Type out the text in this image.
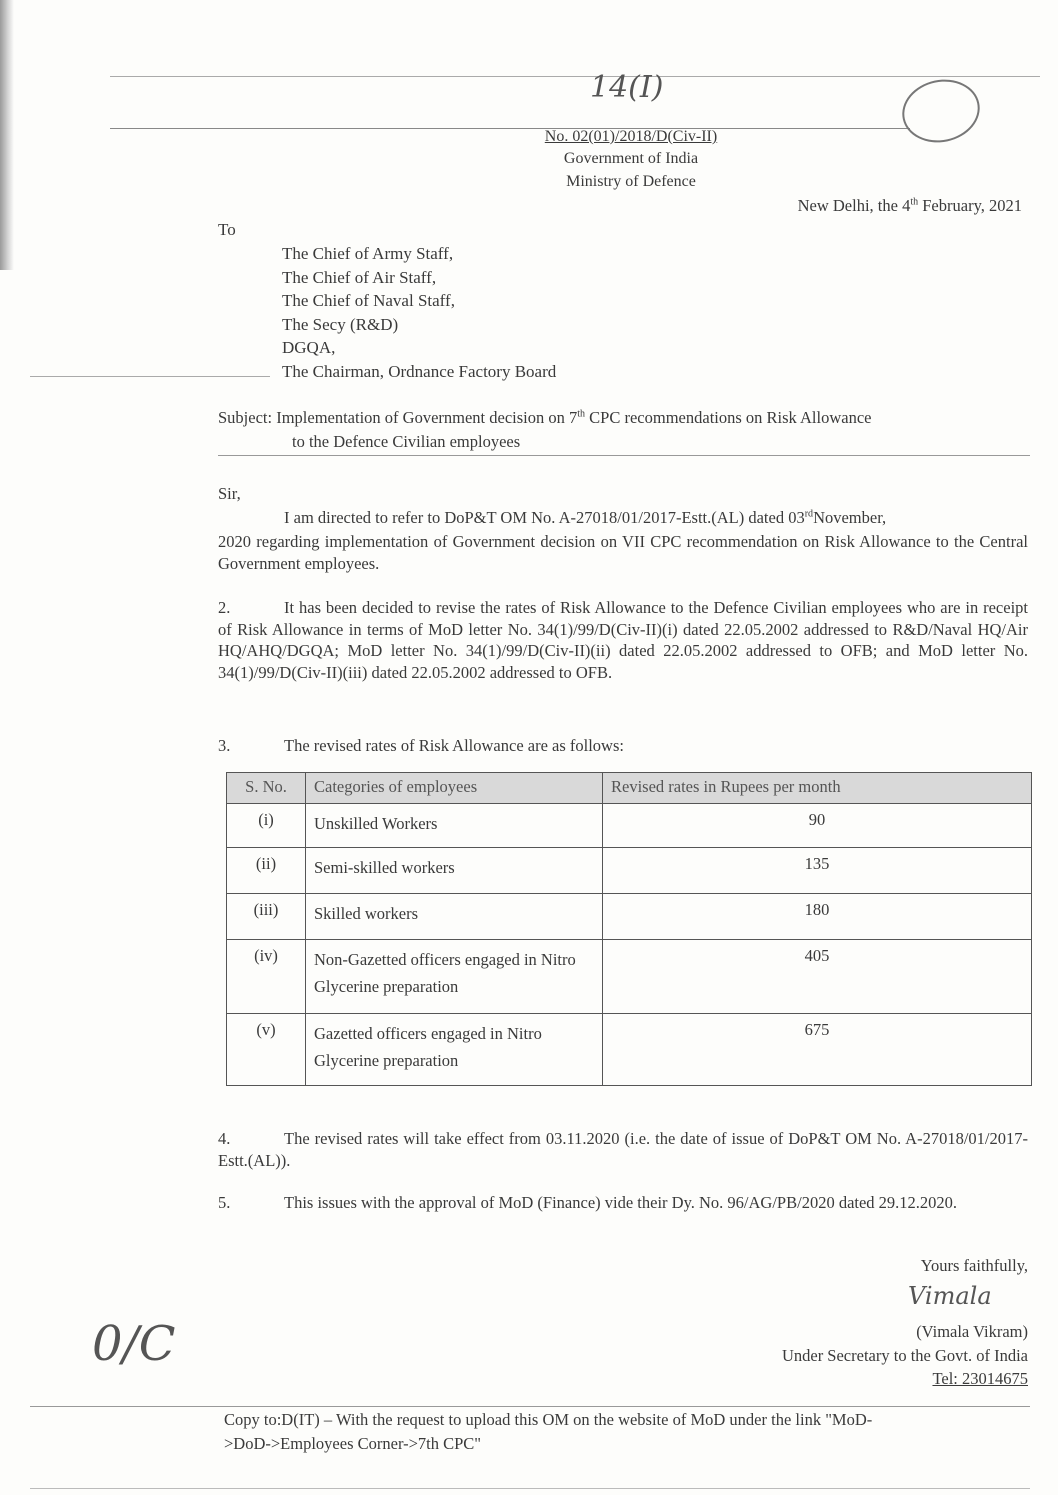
14(I)
No. 02(01)/2018/D(Civ-II)
Government of India
Ministry of Defence
New Delhi, the 4th February, 2021
To
The Chief of Army Staff,
The Chief of Air Staff,
The Chief of Naval Staff,
The Secy (R&D)
DGQA,
The Chairman, Ordnance Factory Board
Subject: Implementation of Government decision on 7th CPC recommendations on Risk Allowance
to the Defence Civilian employees
Sir,
I am directed to refer to DoP&T OM No. A-27018/01/2017-Estt.(AL) dated 03rdNovember,
2020 regarding implementation of Government decision on VII CPC recommendation on Risk Allowance to the Central Government employees.
2.	It has been decided to revise the rates of Risk Allowance to the Defence Civilian employees who are in receipt of Risk Allowance in terms of MoD letter No. 34(1)/99/D(Civ-II)(i) dated 22.05.2002 addressed to R&D/Naval HQ/Air HQ/AHQ/DGQA; MoD letter No. 34(1)/99/D(Civ-II)(ii) dated 22.05.2002 addressed to OFB; and MoD letter No. 34(1)/99/D(Civ-II)(iii) dated 22.05.2002 addressed to OFB.
3.	The revised rates of Risk Allowance are as follows:
S. No.	Categories of employees	Revised rates in Rupees per month
(i)	Unskilled Workers	90
(ii)	Semi-skilled workers	135
(iii)	Skilled workers	180
(iv)	Non-Gazetted officers engaged in Nitro Glycerine preparation	405
(v)	Gazetted officers engaged in Nitro Glycerine preparation	675
4.	The revised rates will take effect from 03.11.2020 (i.e. the date of issue of DoP&T OM No. A-27018/01/2017-Estt.(AL)).
5.	This issues with the approval of MoD (Finance) vide their Dy. No. 96/AG/PB/2020 dated 29.12.2020.
Yours faithfully,
Vimala
(Vimala Vikram)
Under Secretary to the Govt. of India
Tel: 23014675
0/C
Copy to:D(IT) – With the request to upload this OM on the website of MoD under the link "MoD-
>DoD->Employees Corner->7th CPC"
